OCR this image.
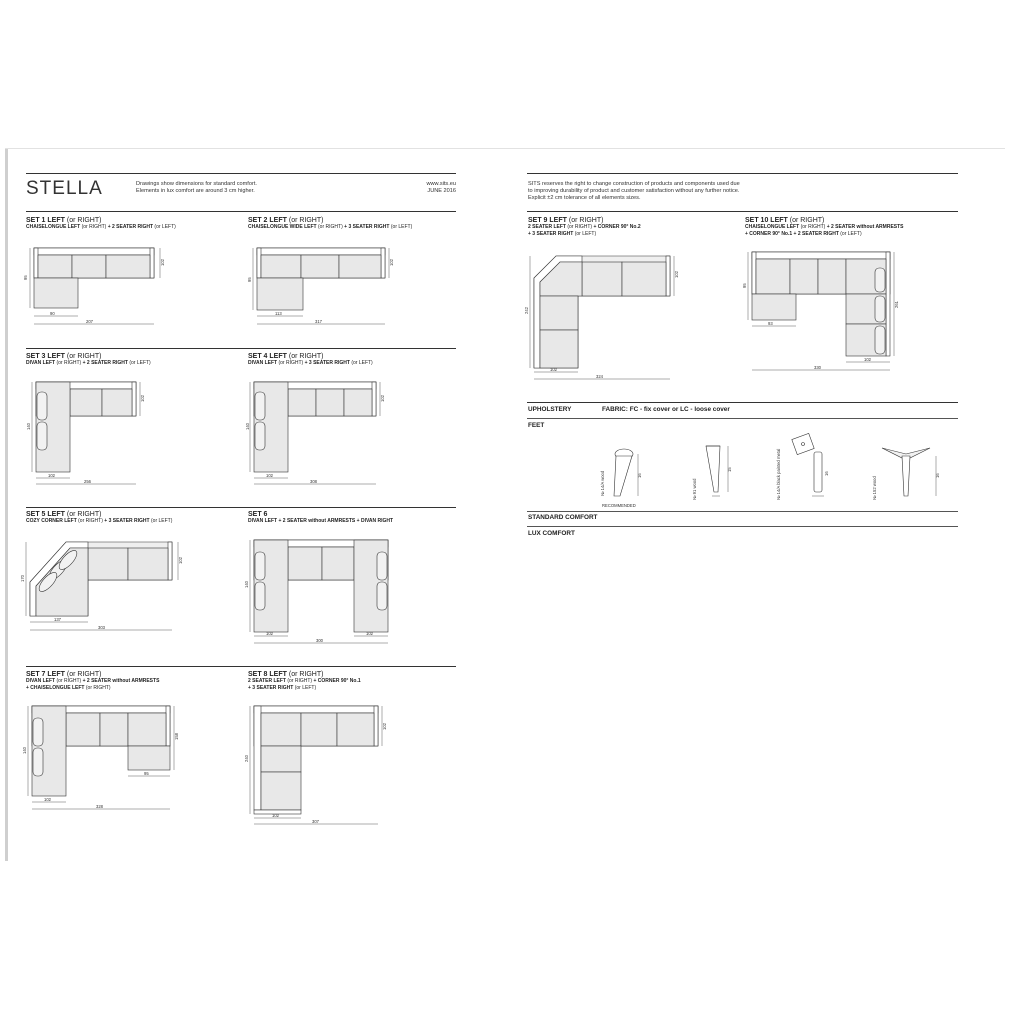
STELLA	Drawings show dimensions for standard comfort.
Elements in lux comfort are around 3 cm higher.
www.sits.eu
JUNE 2016
SITS reserves the right to change construction of products and components used due
to improving durability of product and customer satisfaction without any further notice.
Explicit ±2 cm tolerance of all elements sizes.
SET 1 LEFT (or RIGHT)
CHAISELONGUE LEFT (or RIGHT) + 2 SEATER RIGHT (or LEFT)
95
102
90
207
SET 2 LEFT (or RIGHT)
CHAISELONGUE WIDE LEFT (or RIGHT) + 3 SEATER RIGHT (or LEFT)
95
102
113
317
SET 3 LEFT (or RIGHT)
DIVAN LEFT (or RIGHT) + 2 SEATER RIGHT (or LEFT)
140
102
102
256
SET 4 LEFT (or RIGHT)
DIVAN LEFT (or RIGHT) + 3 SEATER RIGHT (or LEFT)
140
102
102
308
SET 5 LEFT (or RIGHT)
COZY CORNER LEFT (or RIGHT) + 3 SEATER RIGHT (or LEFT)
170
102
137
303
SET 6
DIVAN LEFT + 2 SEATER without ARMRESTS + DIVAN RIGHT
140
102	102
300
SET 7 LEFT (or RIGHT)
DIVAN LEFT (or RIGHT) + 2 SEATER without ARMRESTS
+ CHAISELONGUE LEFT (or RIGHT)
140
158
95
102
328
SET 8 LEFT (or RIGHT)
2 SEATER LEFT (or RIGHT) + CORNER 90° No.1
+ 3 SEATER RIGHT (or LEFT)
240
102
102
307
SET 9 LEFT (or RIGHT)
2 SEATER LEFT (or RIGHT) + CORNER 90° No.2
+ 3 SEATER RIGHT (or LEFT)
242
102
102
324
SET 10 LEFT (or RIGHT)
CHAISELONGUE LEFT (or RIGHT) + 2 SEATER without ARMRESTS
+ CORNER 90° No.1 + 2 SEATER RIGHT (or LEFT)
95
261
93
102
330
UPHOLSTERY	FABRIC: FC - fix cover or LC - loose cover
FEET
16
№ 14/A wood
RECOMMENDED
15
№ 91 wood	№ 14/A black painted metal	16	16
№ 152 wood
STANDARD COMFORT
LUX COMFORT
